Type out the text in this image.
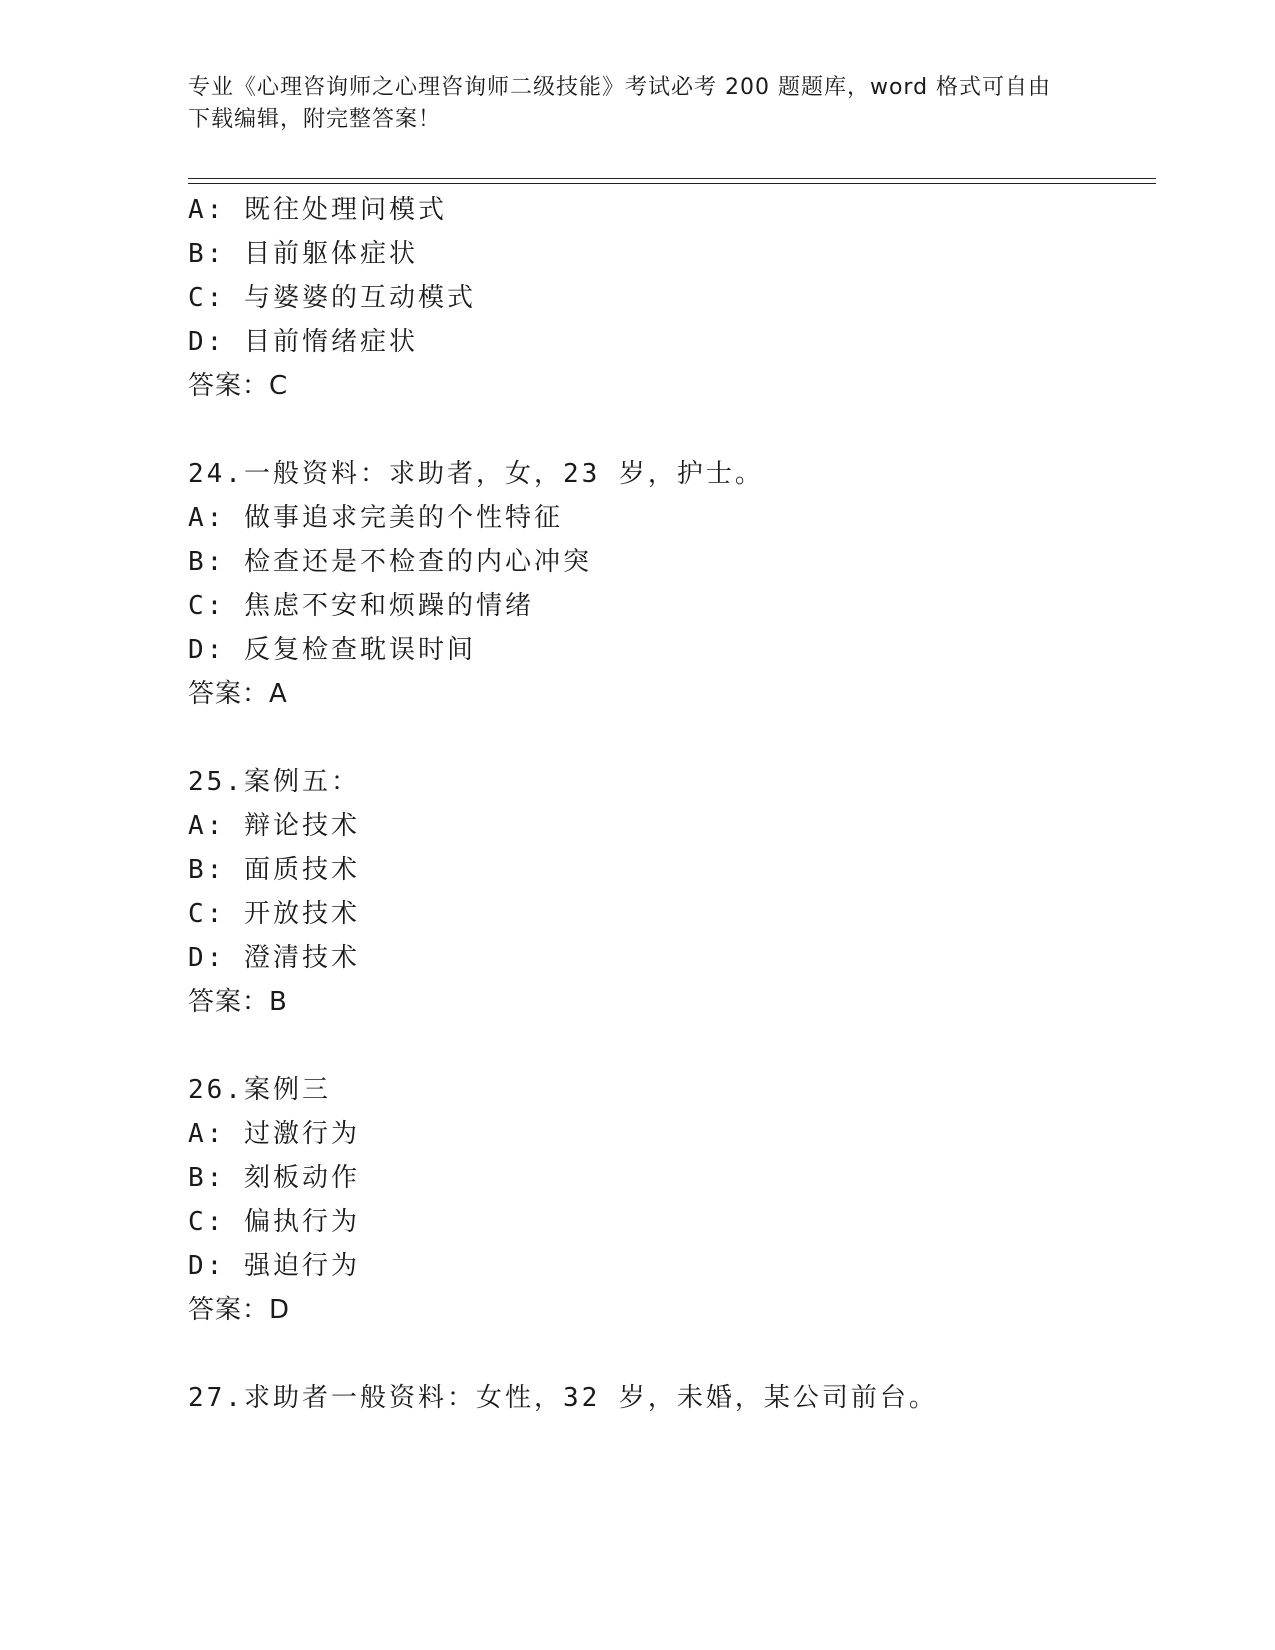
专业《心理咨询师之心理咨询师二级技能》考试必考 200 题题库，word 格式可自由下载编辑，附完整答案！
A: 既往处理问模式
B: 目前躯体症状
C: 与婆婆的互动模式
D: 目前惰绪症状
答案：C
24.一般资料：求助者，女，23 岁，护士。
A: 做事追求完美的个性特征
B: 检查还是不检查的内心冲突
C: 焦虑不安和烦躁的情绪
D: 反复检查耽误时间
答案：A
25.案例五：
A: 辩论技术
B: 面质技术
C: 开放技术
D: 澄清技术
答案：B
26.案例三
A: 过激行为
B: 刻板动作
C: 偏执行为
D: 强迫行为
答案：D
27.求助者一般资料：女性，32 岁，未婚，某公司前台。
